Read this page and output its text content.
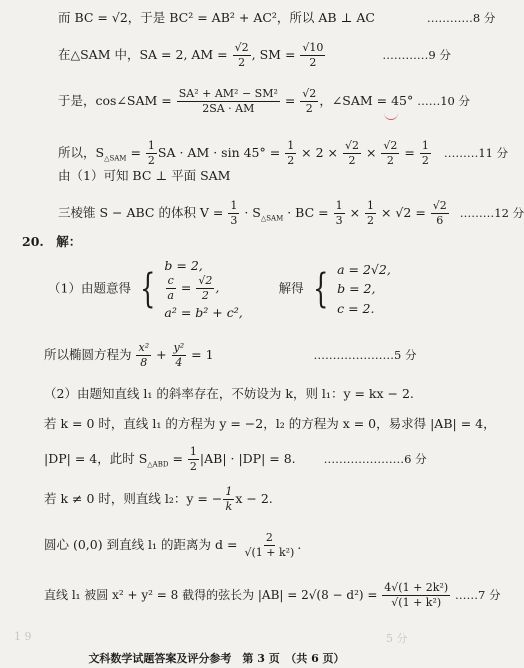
而 BC = √2，于是 BC² = AB² + AC²，所以 AB ⊥ AC	…………8 分
在△SAM 中，SA = 2, AM = $\frac{√2}{2}$ , SM = $\frac{√10}{2}$	…………9 分
于是，cos∠SAM = $\frac{\text{SA² + AM² − SM²}}{2SA \cdot AM} = \frac{√2}{2}$ ，∠SAM = 45° ……10 分
所以，$S_{\triangle SAM} = \frac{1}{2}$ SA · AM · $\sin 45^\circ = \frac{1}{2} \times 2 \times \frac{√2}{2} \times \frac{√2}{2} = \frac{1}{2}$ ………11 分
由（1）可知 BC ⊥ 平面 SAM
三棱锥 S − ABC 的体积 $V = \frac{1}{3} \cdot S_{\triangle SAM}$ · BC = $\frac{1}{3} \times \frac{1}{2} \times √2 = \frac{√2}{6}$ ………12 分
20.　解：
（1）由题意得 {
b = 2,
$\frac{c}{a} = \frac{√2}{2}$ ,
a² = b² + c²,
解得 { a = 2√2,
b = 2,
c = 2.
所以椭圆方程为 $\frac{\text{x²}}{8} + \frac{\text{y²}}{4} = 1$	…………………5 分
（2）由题知直线 l₁ 的斜率存在，不妨设为 k，则 l₁：y = kx − 2.
若 k = 0 时，直线 l₁ 的方程为 y = −2，l₂ 的方程为 x = 0，易求得 |AB| = 4，
|DP| = 4，此时 $S_{\triangle ABD} = \frac{1}{2} |AB| \cdot |DP| = 8$. …………………6 分
若 k ≠ 0 时，则直线 l₂：y = − $\frac{1}{k}$ x − 2.
圆心 (0,0) 到直线 l₁ 的距离为 $d = \frac{2}{\text{√(1 + k²)}}$ .
直线 l₁ 被圆 x² + y² = 8 截得的弦长为 $|AB| = 2√(8 - d^2) = \frac{\text{4√(1 + 2k²)}}{\text{√(1 + k²)}}$ ……7 分
1 9	5 分
文科数学试题答案及评分参考　第 3 页　（共 6 页）
